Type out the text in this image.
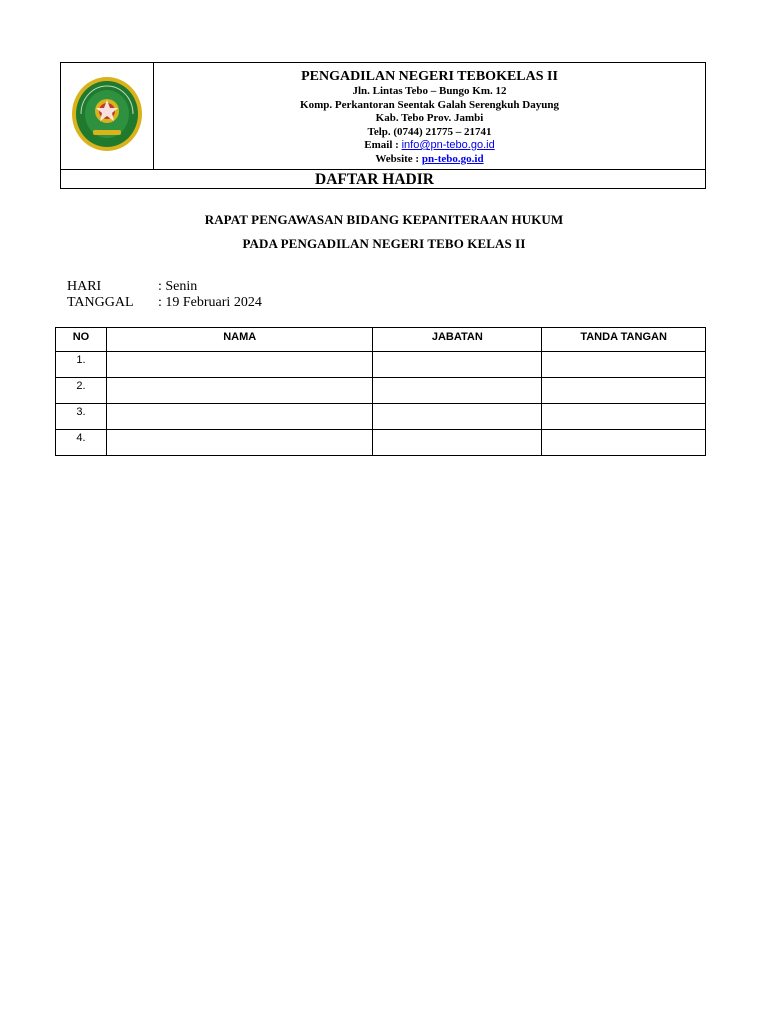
PENGADILAN NEGERI TEBOKELAS II
Jln. Lintas Tebo – Bungo Km. 12
Komp. Perkantoran Seentak Galah Serengkuh Dayung
Kab. Tebo Prov. Jambi
Telp. (0744) 21775 – 21741
Email : info@pn-tebo.go.id
Website : pn-tebo.go.id
DAFTAR HADIR
RAPAT PENGAWASAN BIDANG KEPANITERAAN HUKUM
PADA PENGADILAN NEGERI TEBO KELAS II
HARI	: Senin
TANGGAL : 19 Februari 2024
NO	NAMA	JABATAN	TANDA TANGAN
1.			
2.			
3.			
4.			
